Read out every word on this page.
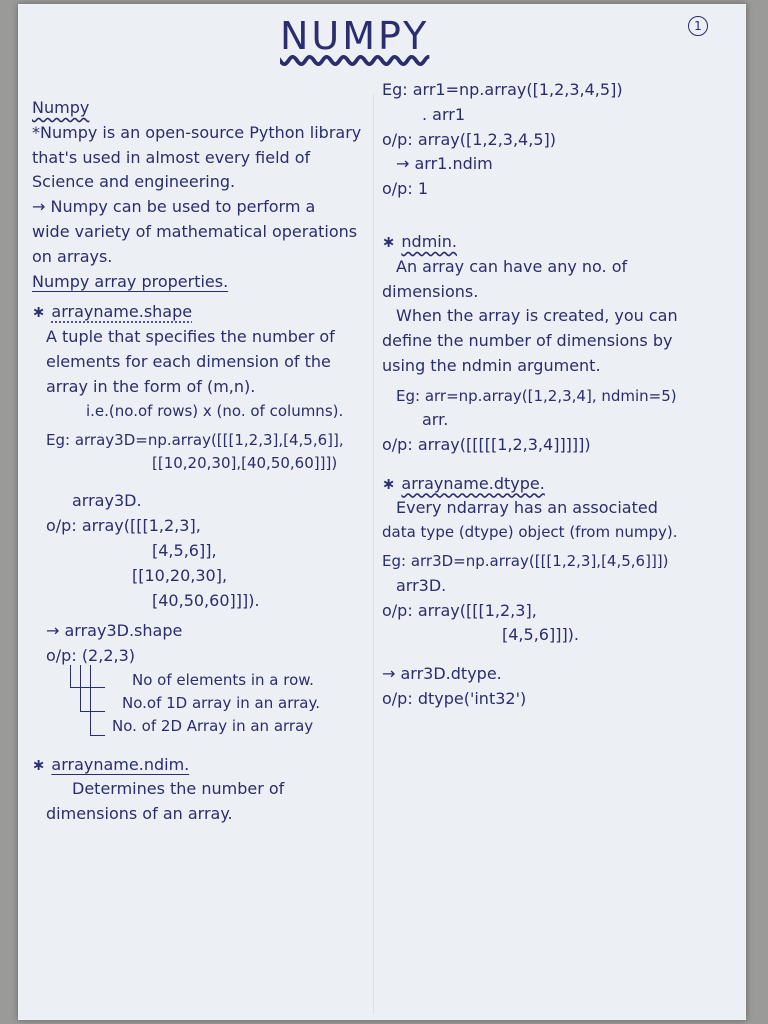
NUMPY	1
Numpy
*Numpy is an open-source Python library
that's used in almost every field of
Science and engineering.
→ Numpy can be used to perform a
wide variety of mathematical operations
on arrays.
Numpy array properties.
∗ arrayname.shape
A tuple that specifies the number of
elements for each dimension of the
array in the form of (m,n).
i.e.(no.of rows) x (no. of columns).
Eg: array3D=np.array([[[1,2,3],[4,5,6]],
[[10,20,30],[40,50,60]]])
array3D.
o/p: array([[[1,2,3],
[4,5,6]],
[[10,20,30],
[40,50,60]]]).
→ array3D.shape
o/p: (2,2,3)
No of elements in a row.
No.of 1D array in an array.
No. of 2D Array in an array
∗ arrayname.ndim.
Determines the number of
dimensions of an array.
Eg: arr1=np.array([1,2,3,4,5])
. arr1
o/p: array([1,2,3,4,5])
→ arr1.ndim
o/p: 1
∗ ndmin.
An array can have any no. of
dimensions.
When the array is created, you can
define the number of dimensions by
using the ndmin argument.
Eg: arr=np.array([1,2,3,4], ndmin=5)
arr.
o/p: array([[[[[1,2,3,4]]]]])
∗ arrayname.dtype.
Every ndarray has an associated
data type (dtype) object (from numpy).
Eg: arr3D=np.array([[[1,2,3],[4,5,6]]])
arr3D.
o/p: array([[[1,2,3],
[4,5,6]]]).
→ arr3D.dtype.
o/p: dtype('int32')
